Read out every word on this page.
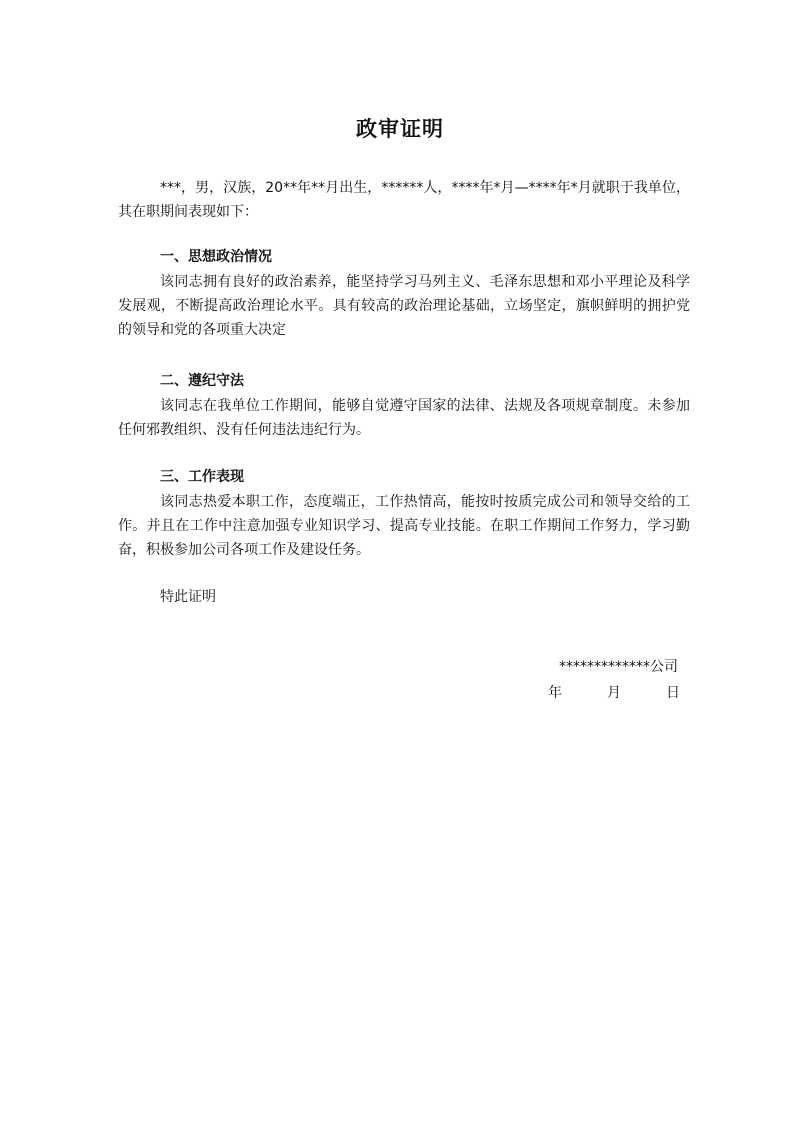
政审证明
***，男，汉族，20**年**月出生，******人，****年*月—****年*月就职于我单位，其在职期间表现如下：
一、思想政治情况
该同志拥有良好的政治素养，能坚持学习马列主义、毛泽东思想和邓小平理论及科学发展观，不断提高政治理论水平。具有较高的政治理论基础，立场坚定，旗帜鲜明的拥护党的领导和党的各项重大决定
二、遵纪守法
该同志在我单位工作期间，能够自觉遵守国家的法律、法规及各项规章制度。未参加任何邪教组织、没有任何违法违纪行为。
三、工作表现
该同志热爱本职工作，态度端正，工作热情高，能按时按质完成公司和领导交给的工作。并且在工作中注意加强专业知识学习、提高专业技能。在职工作期间工作努力，学习勤奋，积极参加公司各项工作及建设任务。
特此证明
*************公司
年	月	日
